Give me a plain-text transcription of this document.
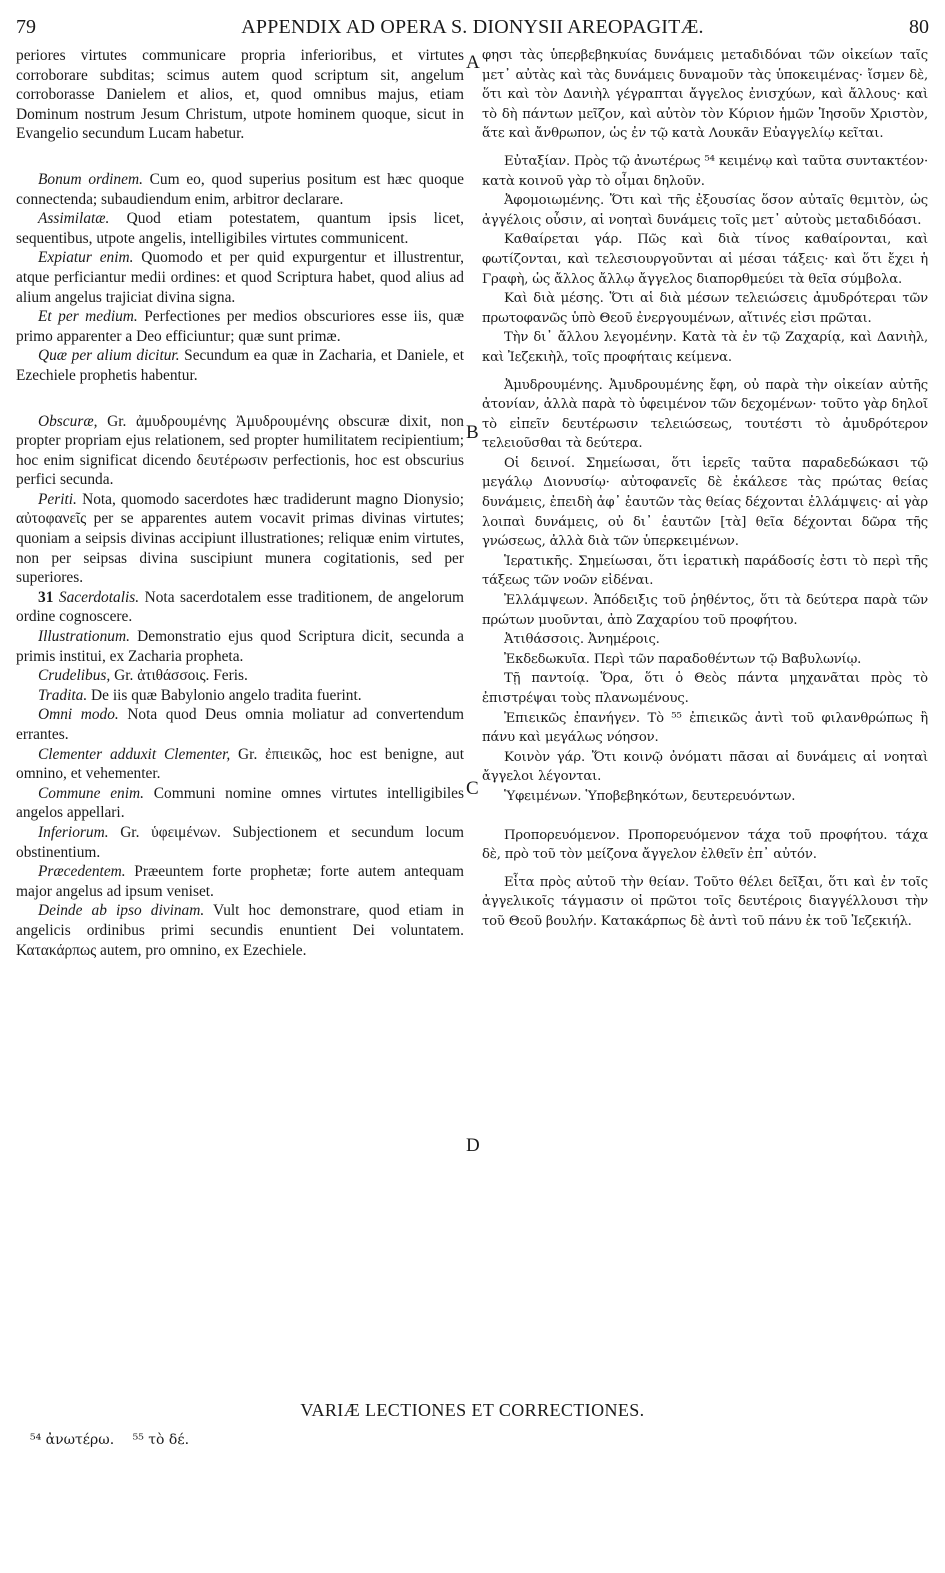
79	APPENDIX AD OPERA S. DIONYSII AREOPAGITÆ.	80

periores virtutes communicare propria inferioribus, et virtutes corroborare subditas; scimus autem quod scriptum sit, angelum corroborasse Danielem et alios, et, quod omnibus majus, etiam Dominum nostrum Jesum Christum, utpote hominem quoque, sicut in Evangelio secundum Lucam habetur.

Bonum ordinem. Cum eo, quod superius positum est hæc quoque connectenda; subaudiendum enim, arbitror declarare.

Assimilatæ. Quod etiam potestatem, quantum ipsis licet, sequentibus, utpote angelis, intelligibiles virtutes communicent.

Expiatur enim. Quomodo et per quid expurgentur et illustrentur, atque perficiantur medii ordines: et quod Scriptura habet, quod alius ad alium angelus trajiciat divina signa.

Et per medium. Perfectiones per medios obscuriores esse iis, quæ primo apparenter a Deo efficiuntur; quæ sunt primæ.

Quæ per alium dicitur. Secundum ea quæ in Zacharia, et Daniele, et Ezechiele prophetis habentur.

Obscuræ, Gr. ἀμυδρουμένης Ἀμυδρουμένης obscuræ dixit, non propter propriam ejus relationem, sed propter humilitatem recipientium; hoc enim significat dicendo δευτέρωσιν perfectionis, hoc est obscurius perfici secunda.

Periti. Nota, quomodo sacerdotes hæc tradiderunt magno Dionysio; αὐτοφανεῖς per se apparentes autem vocavit primas divinas virtutes; quoniam a seipsis divinas accipiunt illustrationes; reliquæ enim virtutes, non per seipsas divina suscipiunt munera cogitationis, sed per superiores.

31 Sacerdotalis. Nota sacerdotalem esse traditionem, de angelorum ordine cognoscere.

Illustrationum. Demonstratio ejus quod Scriptura dicit, secunda a primis institui, ex Zacharia propheta.

Crudelibus, Gr. ἀτιθάσσοις. Feris.

Tradita. De iis quæ Babylonio angelo tradita fuerint.

Omni modo. Nota quod Deus omnia moliatur ad convertendum errantes.

Clementer adduxit Clementer, Gr. ἐπιεικῶς, hoc est benigne, aut omnino, et vehementer.

Commune enim. Communi nomine omnes virtutes intelligibiles angelos appellari.

Inferiorum. Gr. ὑφειμένων. Subjectionem et secundum locum obstinentium.

Præcedentem. Præeuntem forte prophetæ; forte autem antequam major angelus ad ipsum veniset.

Deinde ab ipso divinam. Vult hoc demonstrare, quod etiam in angelicis ordinibus primi secundis enuntient Dei voluntatem. Κατακάρπως autem, pro omnino, ex Ezechiele.

φησι τὰς ὑπερβεβηκυίας δυνάμεις μεταδιδόναι τῶν οἰκείων ταῖς μετ᾽ αὐτὰς καὶ τὰς δυνάμεις δυναμοῦν τὰς ὑποκειμένας· ἴσμεν δὲ, ὅτι καὶ τὸν Δανιὴλ γέγραπται ἄγγελος ἐνισχύων, καὶ ἄλλους· καὶ τὸ δὴ πάντων μεῖζον, καὶ αὐτὸν τὸν Κύριον ἡμῶν Ἰησοῦν Χριστὸν, ἅτε καὶ ἄνθρωπον, ὡς ἐν τῷ κατὰ Λουκᾶν Εὐαγγελίῳ κεῖται.

Εὐταξίαν. Πρὸς τῷ ἀνωτέρως ⁵⁴ κειμένῳ καὶ ταῦτα συντακτέον· κατὰ κοινοῦ γὰρ τὸ οἶμαι δηλοῦν.

Ἀφομοιωμένης. Ὅτι καὶ τῆς ἐξουσίας ὅσον αὐταῖς θεμιτὸν, ὡς ἀγγέλοις οὖσιν, αἱ νοηταὶ δυνάμεις τοῖς μετ᾽ αὐτοὺς μεταδιδόασι.

Καθαίρεται γάρ. Πῶς καὶ διὰ τίνος καθαίρονται, καὶ φωτίζονται, καὶ τελεσιουργοῦνται αἱ μέσαι τάξεις· καὶ ὅτι ἔχει ἡ Γραφὴ, ὡς ἄλλος ἄλλῳ ἄγγελος διαπορθμεύει τὰ θεῖα σύμβολα.

Καὶ διὰ μέσης. Ὅτι αἱ διὰ μέσων τελειώσεις ἀμυδρότεραι τῶν πρωτοφανῶς ὑπὸ Θεοῦ ἐνεργουμένων, αἵτινές εἰσι πρῶται.

Τὴν δι᾽ ἄλλου λεγομένην. Κατὰ τὰ ἐν τῷ Ζαχαρίᾳ, καὶ Δανιὴλ, καὶ Ἰεζεκιὴλ, τοῖς προφήταις κείμενα.

Ἀμυδρουμένης. Ἀμυδρουμένης ἔφη, οὐ παρὰ τὴν οἰκείαν αὐτῆς ἀτονίαν, ἀλλὰ παρὰ τὸ ὑφειμένον τῶν δεχομένων· τοῦτο γὰρ δηλοῖ τὸ εἰπεῖν δευτέρωσιν τελειώσεως, τουτέστι τὸ ἀμυδρότερον τελειοῦσθαι τὰ δεύτερα.

Οἱ δεινοί. Σημείωσαι, ὅτι ἱερεῖς ταῦτα παραδεδώκασι τῷ μεγάλῳ Διονυσίῳ· αὐτοφανεῖς δὲ ἐκάλεσε τὰς πρώτας θείας δυνάμεις, ἐπειδὴ ἀφ᾽ ἑαυτῶν τὰς θείας δέχονται ἐλλάμψεις· αἱ γὰρ λοιπαὶ δυνάμεις, οὐ δι᾽ ἑαυτῶν [τὰ] θεῖα δέχονται δῶρα τῆς γνώσεως, ἀλλὰ διὰ τῶν ὑπερκειμένων.

Ἱερατικῆς. Σημείωσαι, ὅτι ἱερατικὴ παράδοσίς ἐστι τὸ περὶ τῆς τάξεως τῶν νοῶν εἰδέναι.

Ἐλλάμψεων. Ἀπόδειξις τοῦ ῥηθέντος, ὅτι τὰ δεύτερα παρὰ τῶν πρώτων μυοῦνται, ἀπὸ Ζαχαρίου τοῦ προφήτου.

Ἀτιθάσσοις. Ἀνημέροις.

Ἐκδεδωκυῖα. Περὶ τῶν παραδοθέντων τῷ Βαβυλωνίῳ.

Τῇ παντοίᾳ. Ὅρα, ὅτι ὁ Θεὸς πάντα μηχανᾶται πρὸς τὸ ἐπιστρέψαι τοὺς πλανωμένους.

Ἐπιεικῶς ἐπανήγεν. Τὸ ⁵⁵ ἐπιεικῶς ἀντὶ τοῦ φιλανθρώπως ἢ πάνυ καὶ μεγάλως νόησον.

Κοινὸν γάρ. Ὅτι κοινῷ ὀνόματι πᾶσαι αἱ δυνάμεις αἱ νοηταὶ ἄγγελοι λέγονται.

Ὑφειμένων. Ὑποβεβηκότων, δευτερευόντων.

Προπορευόμενον. Προπορευόμενον τάχα τοῦ προφήτου. τάχα δὲ, πρὸ τοῦ τὸν μείζονα ἄγγελον ἐλθεῖν ἐπ᾽ αὐτόν.

Εἶτα πρὸς αὐτοῦ τὴν θείαν. Τοῦτο θέλει δεῖξαι, ὅτι καὶ ἐν τοῖς ἀγγελικοῖς τάγμασιν οἱ πρῶτοι τοῖς δευτέροις διαγγέλλουσι τὴν τοῦ Θεοῦ βουλήν. Κατακάρπως δὲ ἀντὶ τοῦ πάνυ ἐκ τοῦ Ἰεζεκιήλ.

A
B
C
D
VARIÆ LECTIONES ET CORRECTIONES.
⁵⁴ ἀνωτέρω. ⁵⁵ τὸ δέ.
